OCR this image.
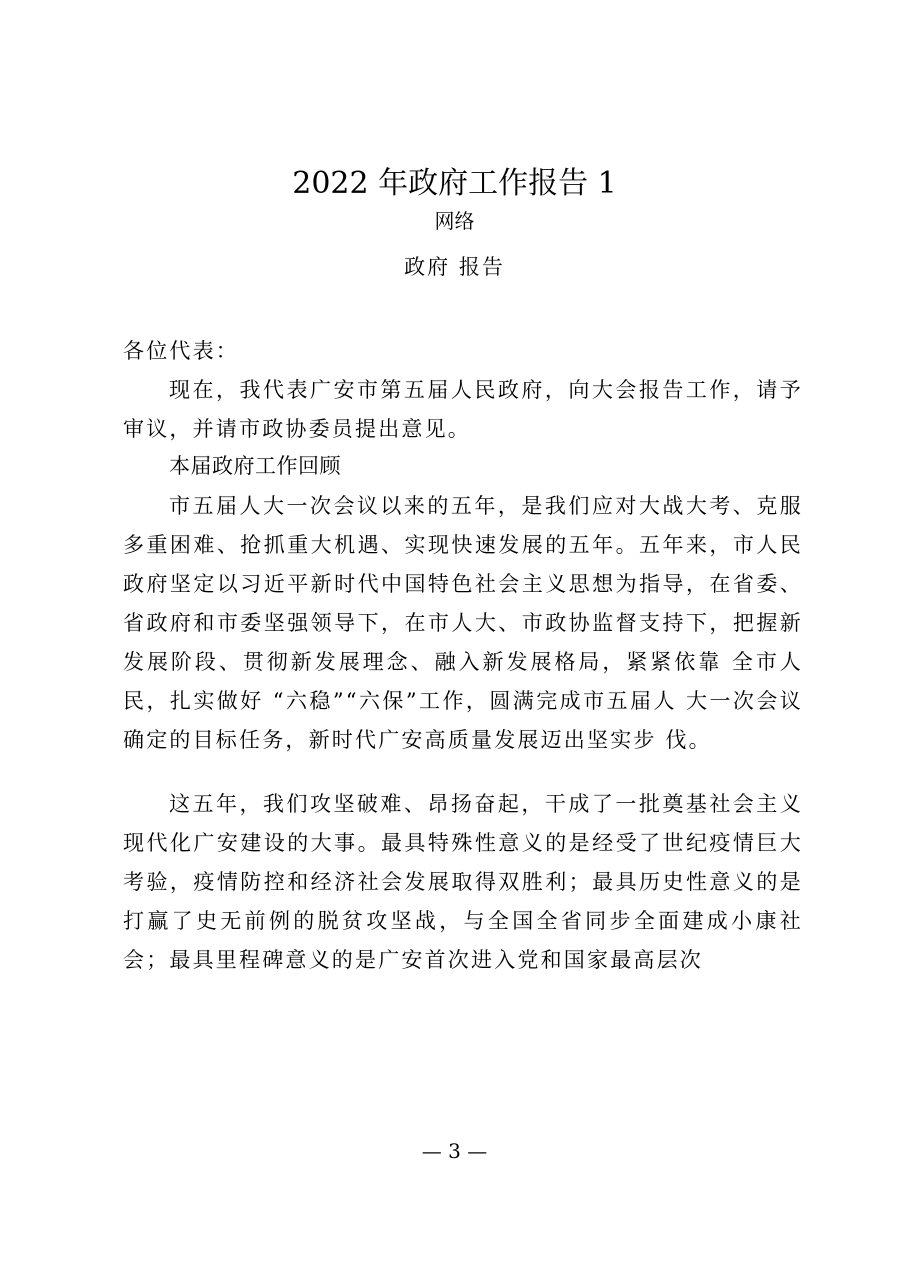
2022 年政府工作报告 1
网络
政府 报告
各位代表：
现在，我代表广安市第五届人民政府，向大会报告工作，请予审议，并请市政协委员提出意见。
本届政府工作回顾
市五届人大一次会议以来的五年，是我们应对大战大考、克服多重困难、抢抓重大机遇、实现快速发展的五年。五年来，市人民政府坚定以习近平新时代中国特色社会主义思想为指导，在省委、省政府和市委坚强领导下，在市人大、市政协监督支持下，把握新发展阶段、贯彻新发展理念、融入新发展格局，紧紧依靠 全市人民，扎实做好 “六稳”“六保”工作，圆满完成市五届人 大一次会议确定的目标任务，新时代广安高质量发展迈出坚实步 伐。
这五年，我们攻坚破难、昂扬奋起，干成了一批奠基社会主义现代化广安建设的大事。最具特殊性意义的是经受了世纪疫情巨大考验，疫情防控和经济社会发展取得双胜利；最具历史性意义的是打赢了史无前例的脱贫攻坚战，与全国全省同步全面建成小康社会；最具里程碑意义的是广安首次进入党和国家最高层次
— 3 —
